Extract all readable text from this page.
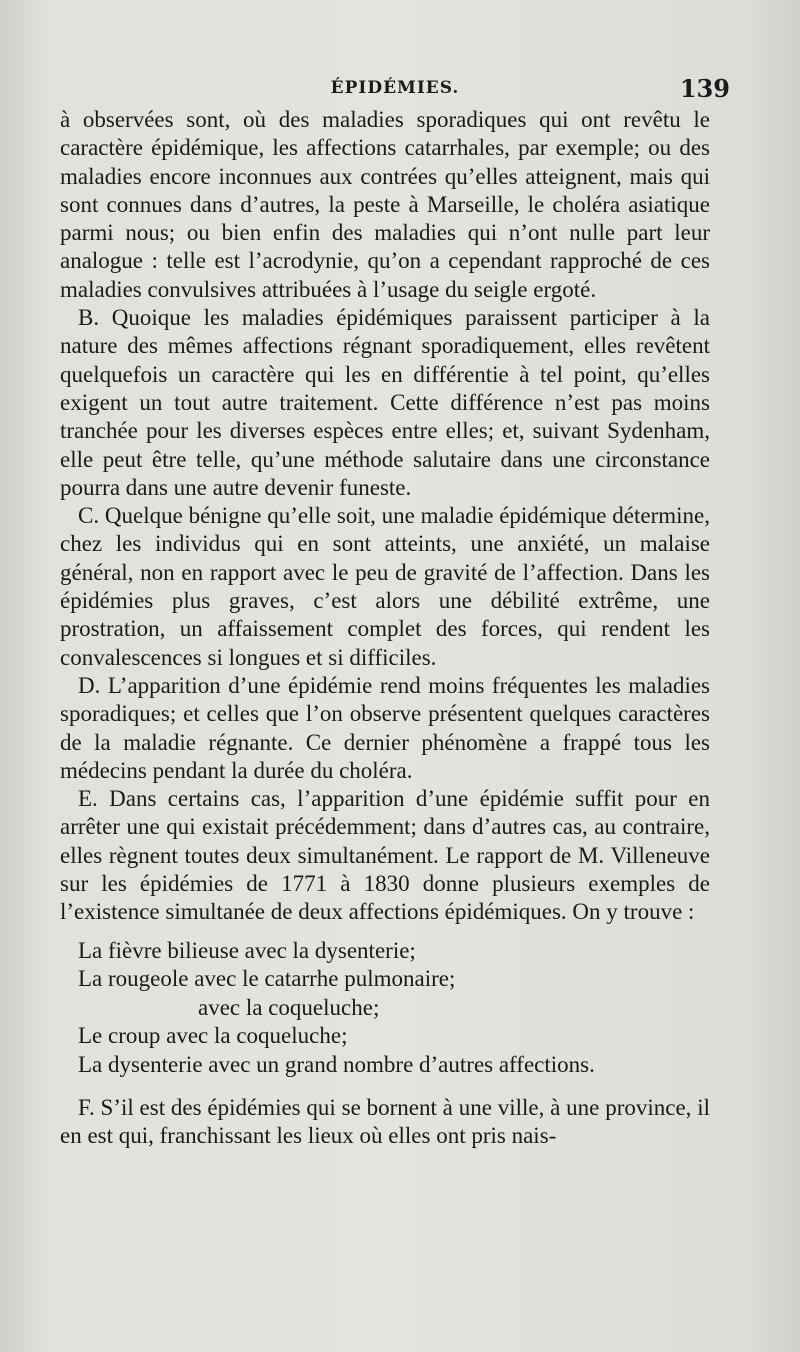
ÉPIDÉMIES.	139

à observées sont, où des maladies sporadiques qui ont revêtu le caractère épidémique, les affections catarrhales, par exemple; ou des maladies encore inconnues aux contrées qu’elles atteignent, mais qui sont connues dans d’autres, la peste à Marseille, le choléra asiatique parmi nous; ou bien enfin des maladies qui n’ont nulle part leur analogue : telle est l’acrodynie, qu’on a cependant rapproché de ces maladies convulsives attribuées à l’usage du seigle ergoté.

B. Quoique les maladies épidémiques paraissent participer à la nature des mêmes affections régnant sporadiquement, elles revêtent quelquefois un caractère qui les en différentie à tel point, qu’elles exigent un tout autre traitement. Cette différence n’est pas moins tranchée pour les diverses espèces entre elles; et, suivant Sydenham, elle peut être telle, qu’une méthode salutaire dans une circonstance pourra dans une autre devenir funeste.

C. Quelque bénigne qu’elle soit, une maladie épidémique détermine, chez les individus qui en sont atteints, une anxiété, un malaise général, non en rapport avec le peu de gravité de l’affection. Dans les épidémies plus graves, c’est alors une débilité extrême, une prostration, un affaissement complet des forces, qui rendent les convalescences si longues et si difficiles.

D. L’apparition d’une épidémie rend moins fréquentes les maladies sporadiques; et celles que l’on observe présentent quelques caractères de la maladie régnante. Ce dernier phénomène a frappé tous les médecins pendant la durée du choléra.

E. Dans certains cas, l’apparition d’une épidémie suffit pour en arrêter une qui existait précédemment; dans d’autres cas, au contraire, elles règnent toutes deux simultanément. Le rapport de M. Villeneuve sur les épidémies de 1771 à 1830 donne plusieurs exemples de l’existence simultanée de deux affections épidémiques. On y trouve :

La fièvre bilieuse avec la dysenterie;
La rougeole avec le catarrhe pulmonaire;
avec la coqueluche;
Le croup avec la coqueluche;
La dysenterie avec un grand nombre d’autres affections.

F. S’il est des épidémies qui se bornent à une ville, à une province, il en est qui, franchissant les lieux où elles ont pris nais-
